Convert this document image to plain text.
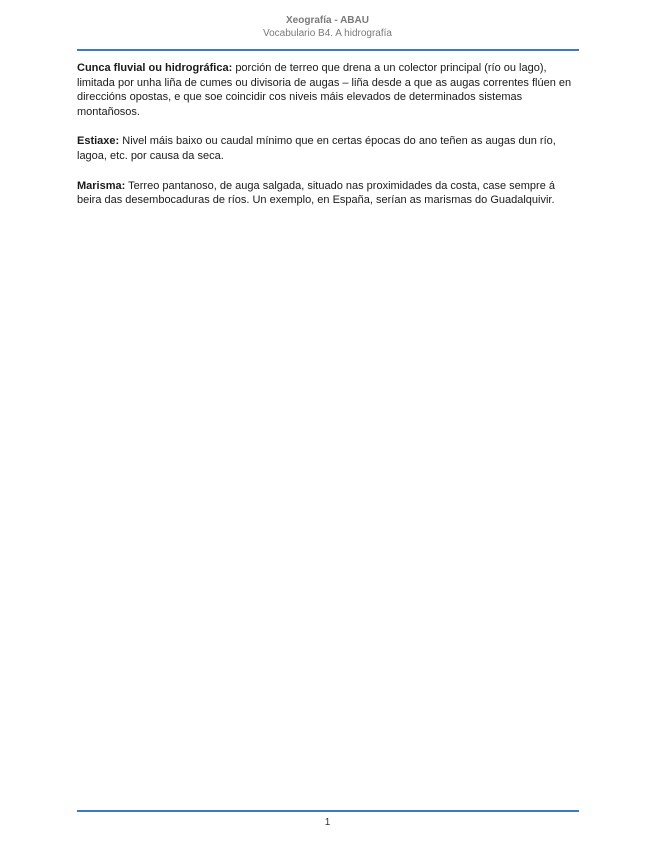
Xeografía - ABAU
Vocabulario B4. A hidrografía

Cunca fluvial ou hidrográfica: porción de terreo que drena a un colector principal (río ou lago), limitada por unha liña de cumes ou divisoria de augas – liña desde a que as augas correntes flúen en direccións opostas, e que soe coincidir cos niveis máis elevados de determinados sistemas montañosos.

Estiaxe: Nivel máis baixo ou caudal mínimo que en certas épocas do ano teñen as augas dun río, lagoa, etc. por causa da seca.

Marisma: Terreo pantanoso, de auga salgada, situado nas proximidades da costa, case sempre á beira das desembocaduras de ríos. Un exemplo, en España, serían as marismas do Guadalquivir.

1
